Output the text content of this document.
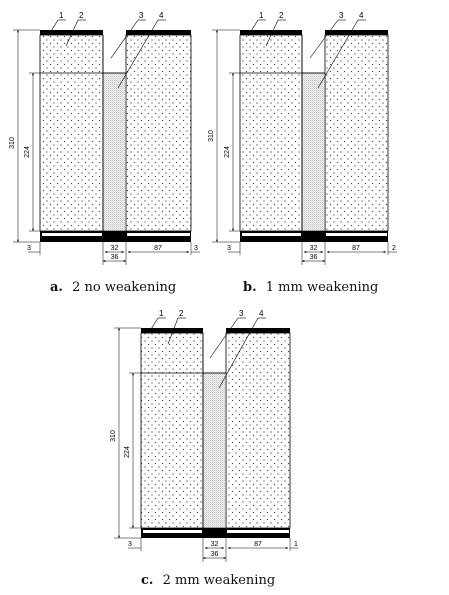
1 2	3 4
310
224
3	32	87	3
36
a. 2 no weakening
1 2	3 4
310
224
3	32	87	2
36
b. 1 mm weakening
1 2	3 4
310
224
3	32	87	1
36
c. 2 mm weakening
